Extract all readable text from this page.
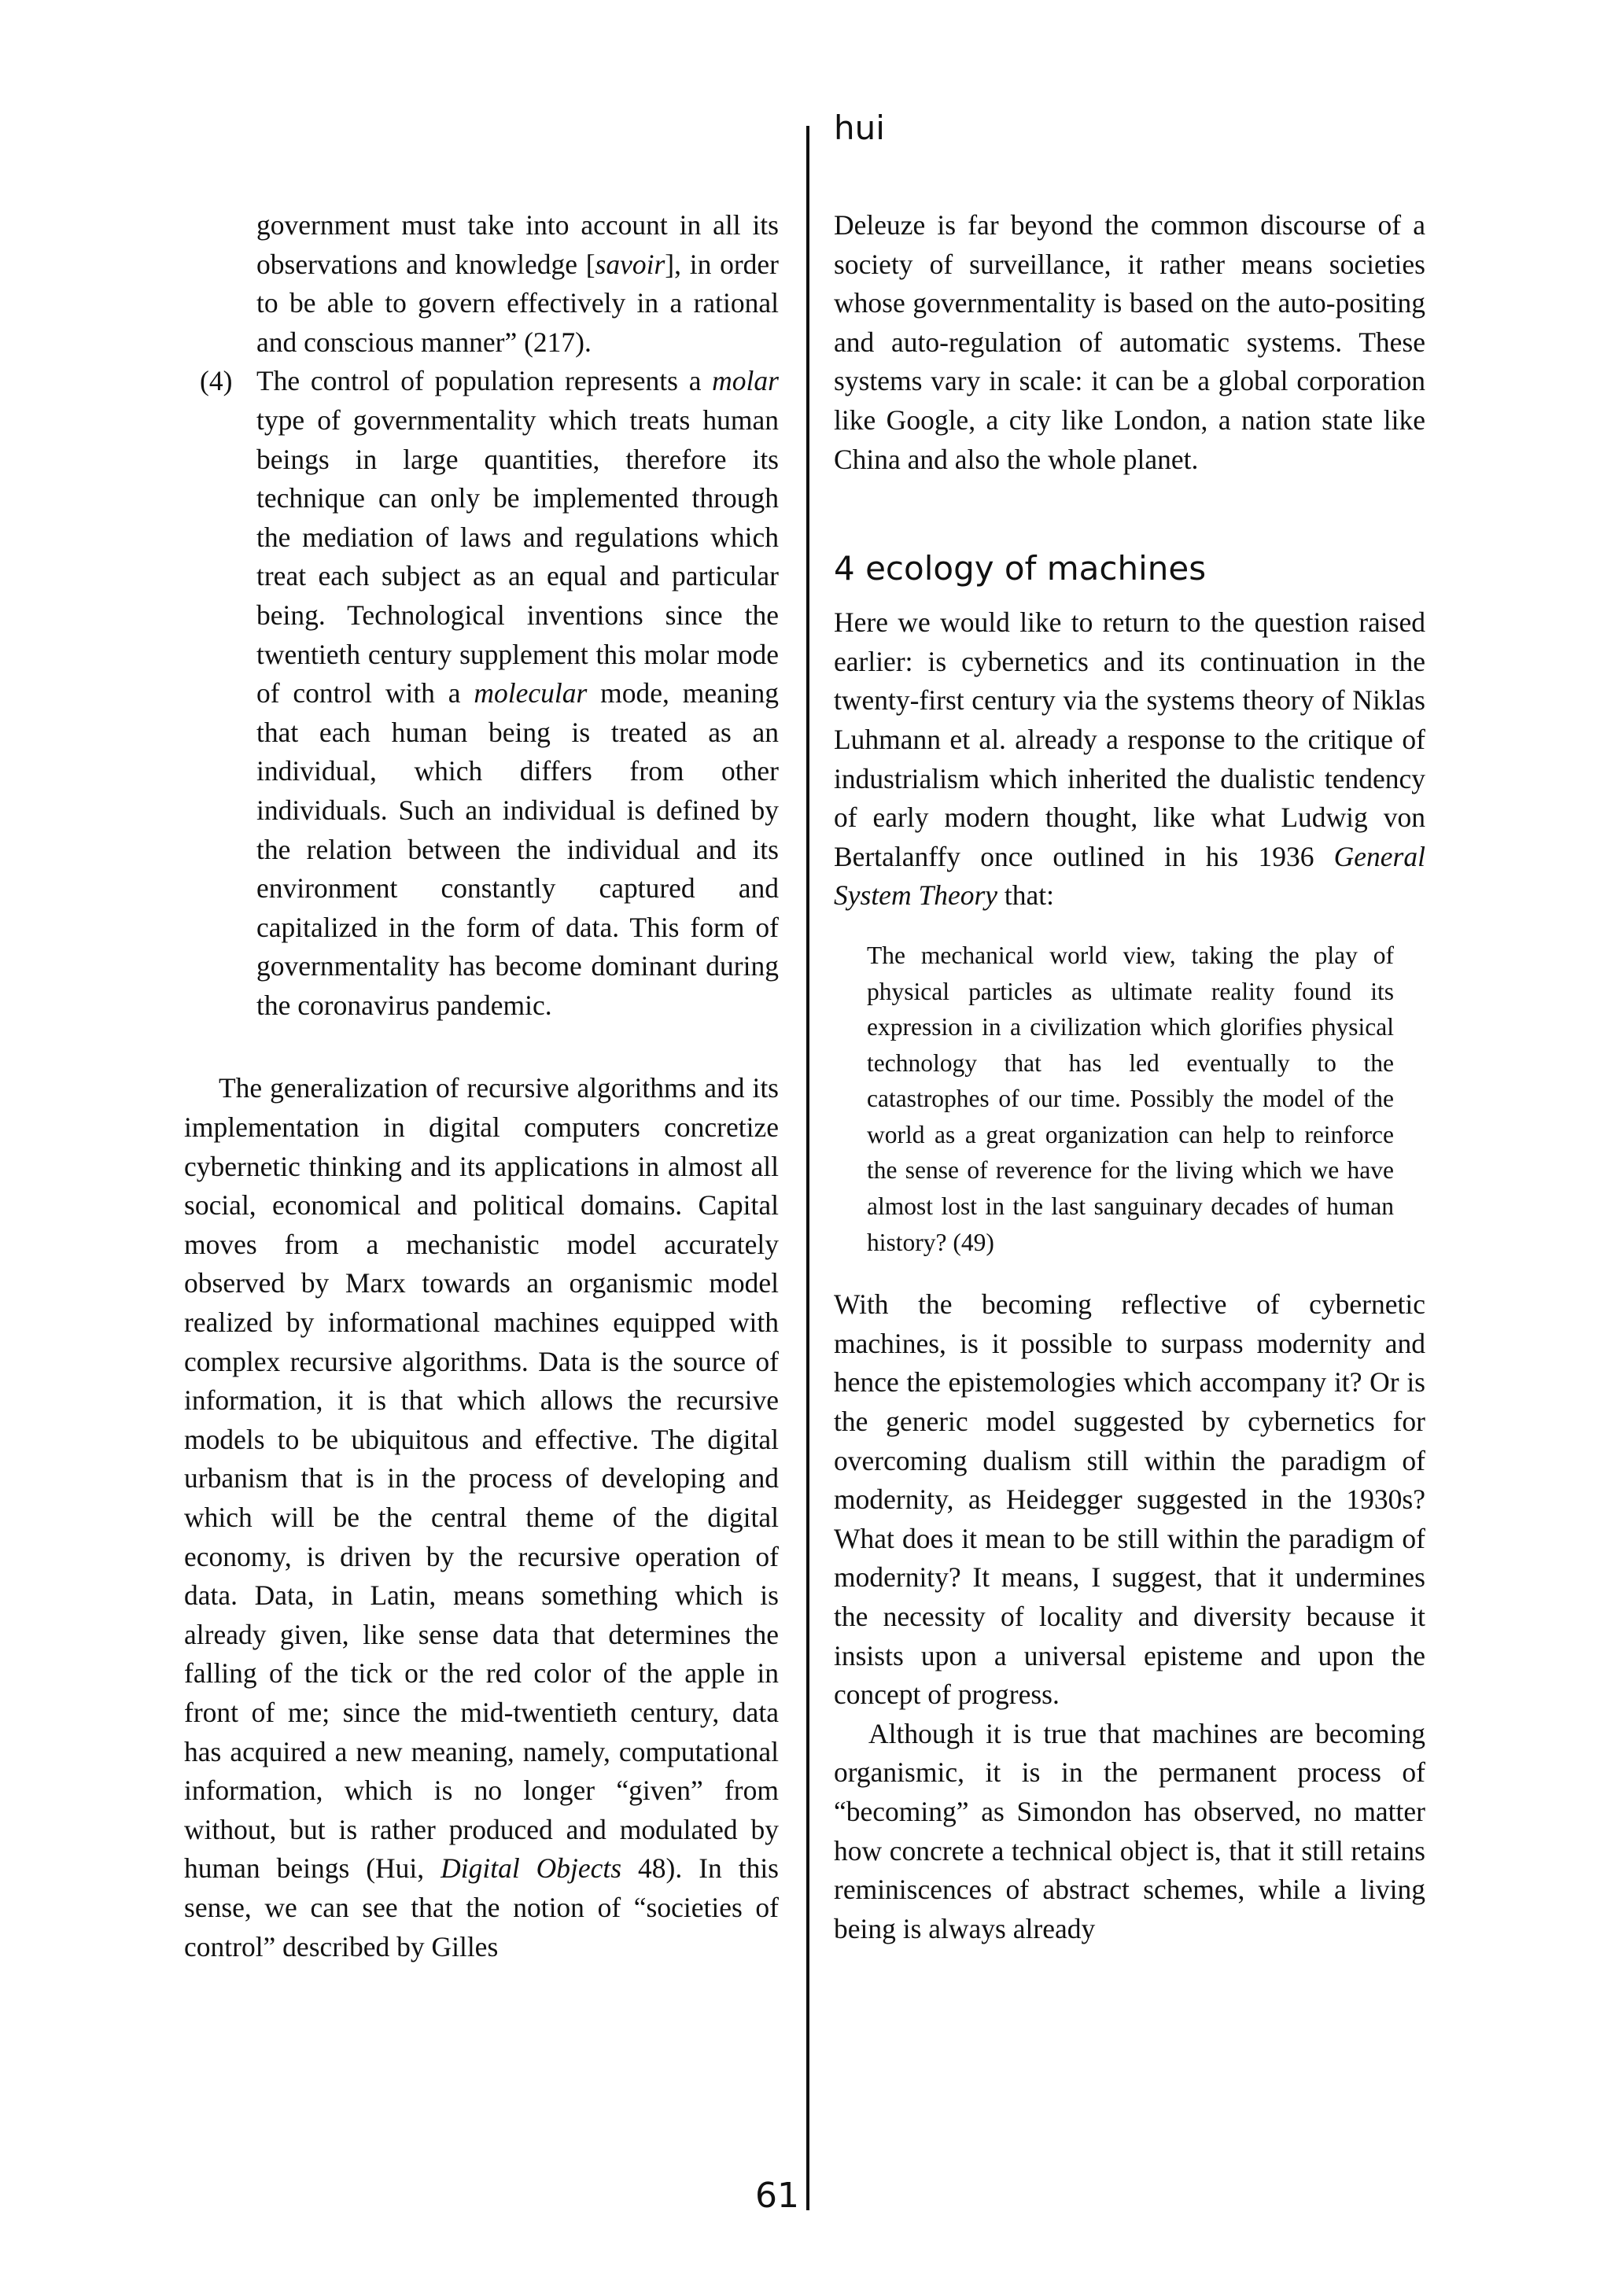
hui

government must take into account in all its observations and knowledge [savoir], in order to be able to govern effectively in a rational and conscious manner” (217).

(4) The control of population represents a molar type of governmentality which treats human beings in large quantities, therefore its technique can only be implemented through the mediation of laws and regulations which treat each subject as an equal and particular being. Technological inventions since the twentieth century supplement this molar mode of control with a molecular mode, meaning that each human being is treated as an individual, which differs from other individuals. Such an individual is defined by the relation between the individual and its environment constantly captured and capitalized in the form of data. This form of governmentality has become dominant during the coronavirus pandemic.

The generalization of recursive algorithms and its implementation in digital computers concretize cybernetic thinking and its applications in almost all social, economical and political domains. Capital moves from a mechanistic model accurately observed by Marx towards an organismic model realized by informational machines equipped with complex recursive algorithms. Data is the source of information, it is that which allows the recursive models to be ubiquitous and effective. The digital urbanism that is in the process of developing and which will be the central theme of the digital economy, is driven by the recursive operation of data. Data, in Latin, means something which is already given, like sense data that determines the falling of the tick or the red color of the apple in front of me; since the mid-twentieth century, data has acquired a new meaning, namely, computational information, which is no longer “given” from without, but is rather produced and modulated by human beings (Hui, Digital Objects 48). In this sense, we can see that the notion of “societies of control” described by Gilles

Deleuze is far beyond the common discourse of a society of surveillance, it rather means societies whose governmentality is based on the auto-positing and auto-regulation of automatic systems. These systems vary in scale: it can be a global corporation like Google, a city like London, a nation state like China and also the whole planet.

4 ecology of machines

Here we would like to return to the question raised earlier: is cybernetics and its continuation in the twenty-first century via the systems theory of Niklas Luhmann et al. already a response to the critique of industrialism which inherited the dualistic tendency of early modern thought, like what Ludwig von Bertalanffy once outlined in his 1936 General System Theory that:

The mechanical world view, taking the play of physical particles as ultimate reality found its expression in a civilization which glorifies physical technology that has led eventually to the catastrophes of our time. Possibly the model of the world as a great organization can help to reinforce the sense of reverence for the living which we have almost lost in the last sanguinary decades of human history? (49)

With the becoming reflective of cybernetic machines, is it possible to surpass modernity and hence the epistemologies which accompany it? Or is the generic model suggested by cybernetics for overcoming dualism still within the paradigm of modernity, as Heidegger suggested in the 1930s? What does it mean to be still within the paradigm of modernity? It means, I suggest, that it undermines the necessity of locality and diversity because it insists upon a universal episteme and upon the concept of progress.

Although it is true that machines are becoming organismic, it is in the permanent process of “becoming” as Simondon has observed, no matter how concrete a technical object is, that it still retains reminiscences of abstract schemes, while a living being is always already

61
